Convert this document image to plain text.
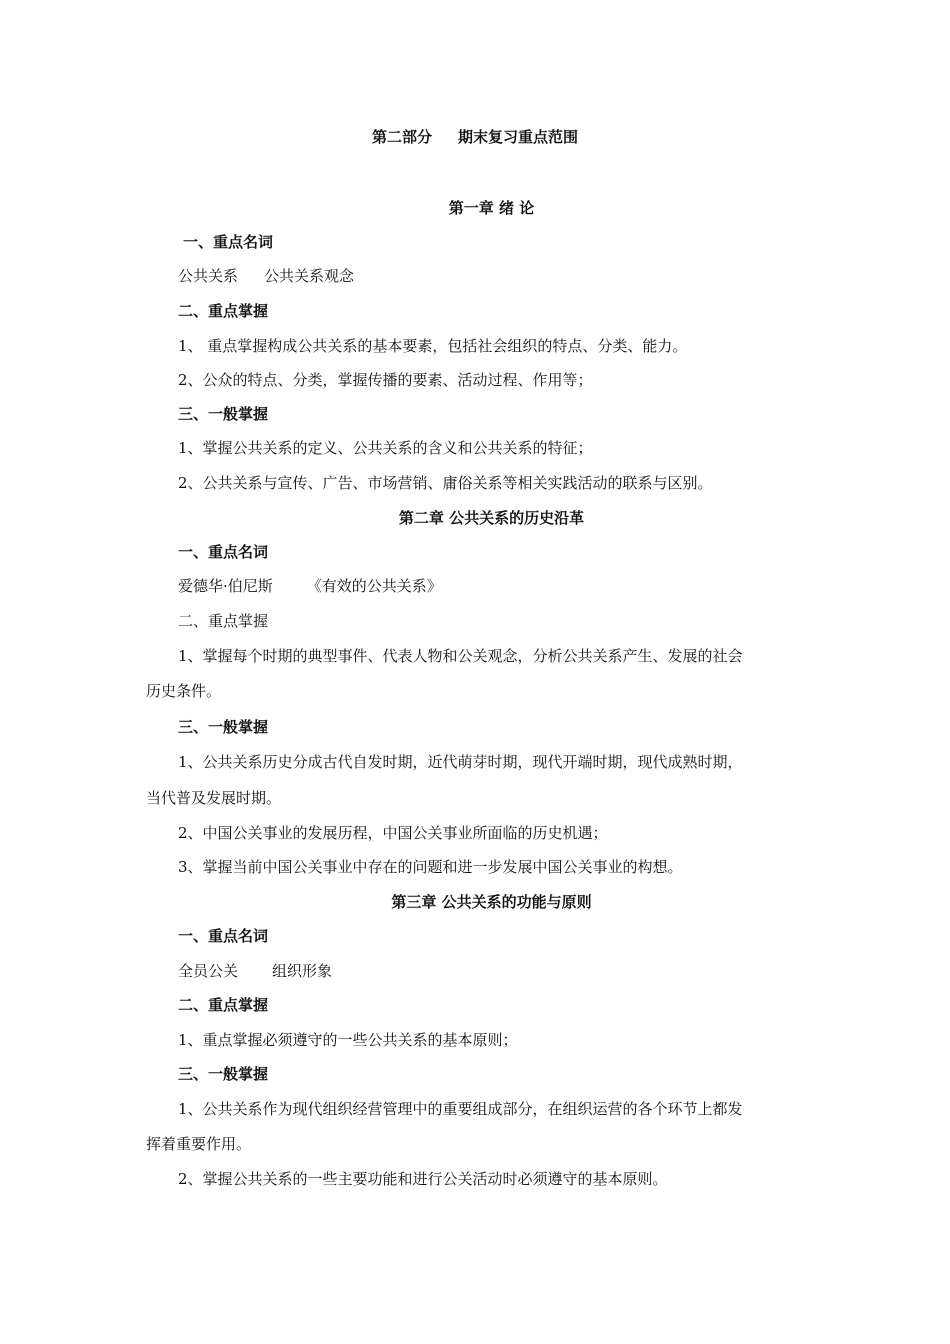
第二部分 期末复习重点范围
第一章 绪 论
一、重点名词
公共关系 公共关系观念
二、重点掌握
1、 重点掌握构成公共关系的基本要素，包括社会组织的特点、分类、能力。
2、公众的特点、分类，掌握传播的要素、活动过程、作用等；
三、一般掌握
1、掌握公共关系的定义、公共关系的含义和公共关系的特征；
2、公共关系与宣传、广告、市场营销、庸俗关系等相关实践活动的联系与区别。
第二章 公共关系的历史沿革
一、重点名词
爱德华·伯尼斯 《有效的公共关系》
二、重点掌握
1、掌握每个时期的典型事件、代表人物和公关观念，分析公共关系产生、发展的社会
历史条件。
三、一般掌握
1、公共关系历史分成古代自发时期，近代萌芽时期，现代开端时期，现代成熟时期，
当代普及发展时期。
2、中国公关事业的发展历程，中国公关事业所面临的历史机遇；
3、掌握当前中国公关事业中存在的问题和进一步发展中国公关事业的构想。
第三章 公共关系的功能与原则
一、重点名词
全员公关 组织形象
二、重点掌握
1、重点掌握必须遵守的一些公共关系的基本原则；
三、一般掌握
1、公共关系作为现代组织经营管理中的重要组成部分，在组织运营的各个环节上都发
挥着重要作用。
2、掌握公共关系的一些主要功能和进行公关活动时必须遵守的基本原则。
